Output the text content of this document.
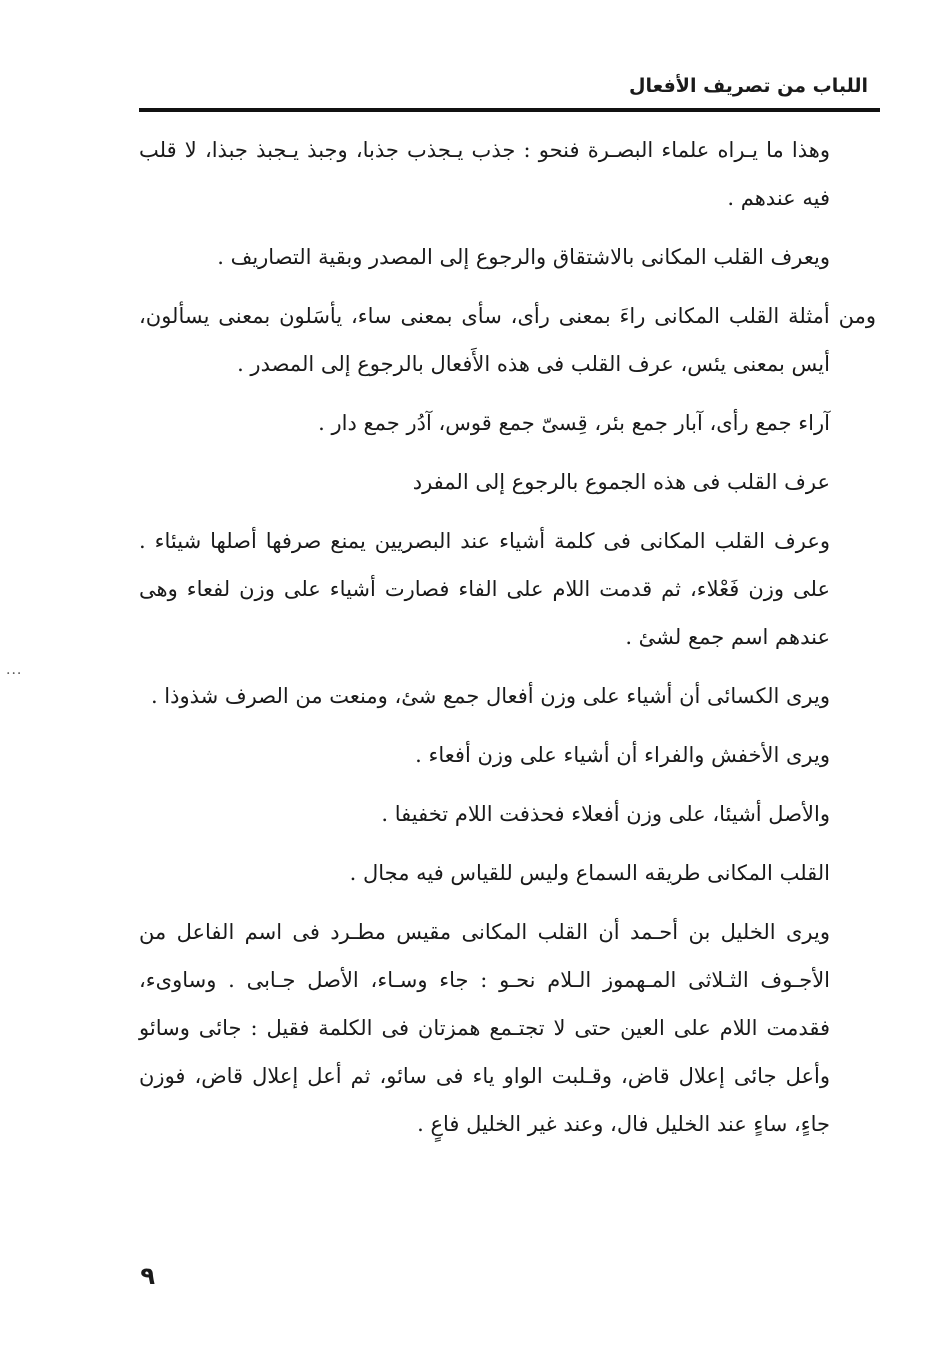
اللباب من تصريف الأفعال

وهذا ما يـراه علماء البصـرة فنحو : جذب يـجذب جذبا، وجبذ يـجبذ جبذا، لا قلب فيه عندهم .

ويعرف القلب المكانى بالاشتقاق والرجوع إلى المصدر وبقية التصاريف .

ومن أمثلة القلب المكانى راءَ بمعنى رأى، سأى بمعنى ساء، يأسَلون بمعنى يسألون، أيس بمعنى يئس، عرف القلب فى هذه الأَفعال بالرجوع إلى المصدر .

آراء جمع رأى، آبار جمع بئر، قِسىّ جمع قوس، آدُر جمع دار .

عرف القلب فى هذه الجموع بالرجوع إلى المفرد

وعرف القلب المكانى فى كلمة أشياء عند البصريين يمنع صرفها أصلها شيئاء . على وزن فَعْلاء، ثم قدمت اللام على الفاء فصارت أشياء على وزن لفعاء وهى عندهم اسم جمع لشئ .

ويرى الكسائى أن أشياء على وزن أفعال جمع شئ، ومنعت من الصرف شذوذا .

ويرى الأخفش والفراء أن أشياء على وزن أفعاء .

والأصل أشيئا، على وزن أفعلاء فحذفت اللام تخفيفا .

القلب المكانى طريقه السماع وليس للقياس فيه مجال .

ويرى الخليل بن أحـمد أن القلب المكانى مقيس مطـرد فى اسم الفاعل من الأجـوف الثـلاثى المـهموز الـلام نحـو : جاء وسـاء، الأصل جـابى . وساوىء، فقدمت اللام على العين حتى لا تجتـمع همزتان فى الكلمة فقيل : جائى وسائو وأعل جائى إعلال قاض، وقـلبت الواو ياء فى سائو، ثم أعل إعلال قاض، فوزن جاءٍ، ساءٍ عند الخليل فال، وعند غير الخليل فاعٍ .

٩
...
